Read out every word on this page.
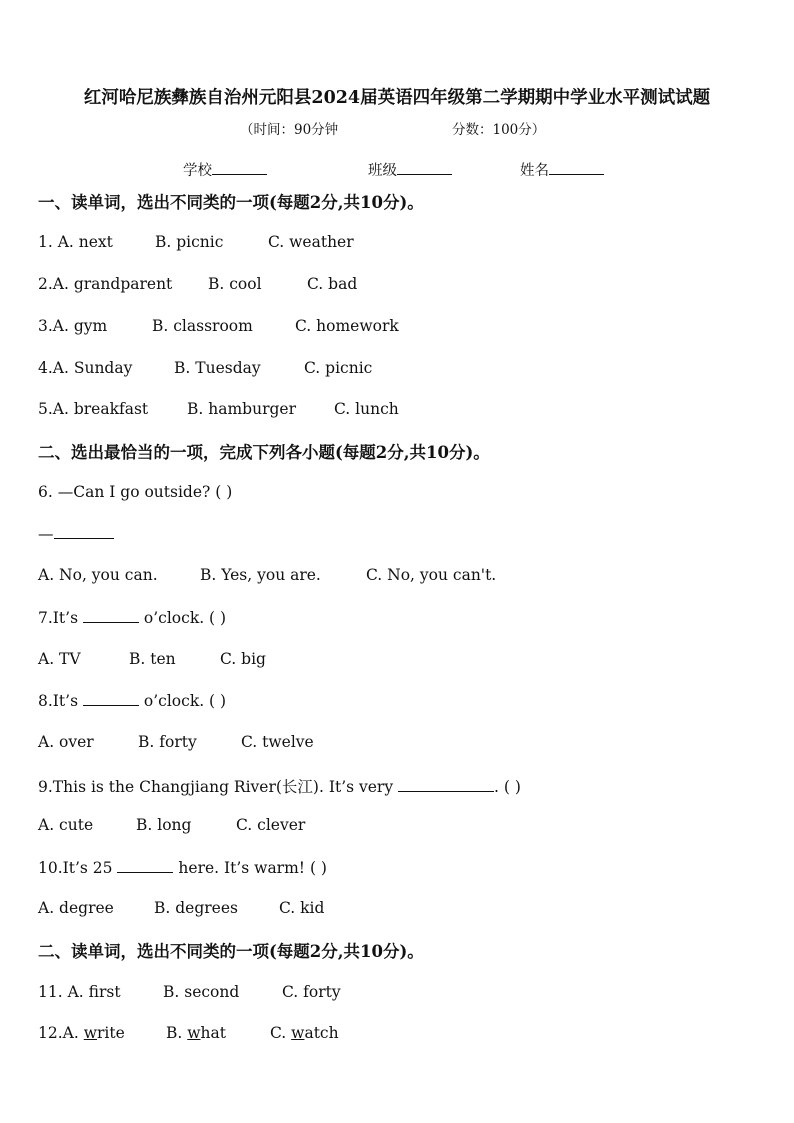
红河哈尼族彝族自治州元阳县2024届英语四年级第二学期期中学业水平测试试题
（时间：90分钟	分数：100分）
学校	班级	姓名
一、读单词，选出不同类的一项(每题2分,共10分)。
1. A. next	B. picnic	C. weather
2.A. grandparent B. cool	C. bad
3.A. gym	B. classroom	C. homework
4.A. Sunday	B. Tuesday	C. picnic
5.A. breakfast	B. hamburger C. lunch
二、选出最恰当的一项，完成下列各小题(每题2分,共10分)。
6. —Can I go outside? ( )
—
A. No, you can.	B. Yes, you are.	C. No, you can't.
7.It’s	o’clock. ( )
A. TV	B. ten	C. big
8.It’s	o’clock. ( )
A. over	B. forty	C. twelve
9.This is the Changjiang River(长江). It’s very	. ( )
A. cute	B. long	C. clever
10.It’s 25	here. It’s warm! ( )
A. degree	B. degrees	C. kid
二、读单词，选出不同类的一项(每题2分,共10分)。
11. A. first	B. second	C. forty
12.A. write	B. what	C. watch
